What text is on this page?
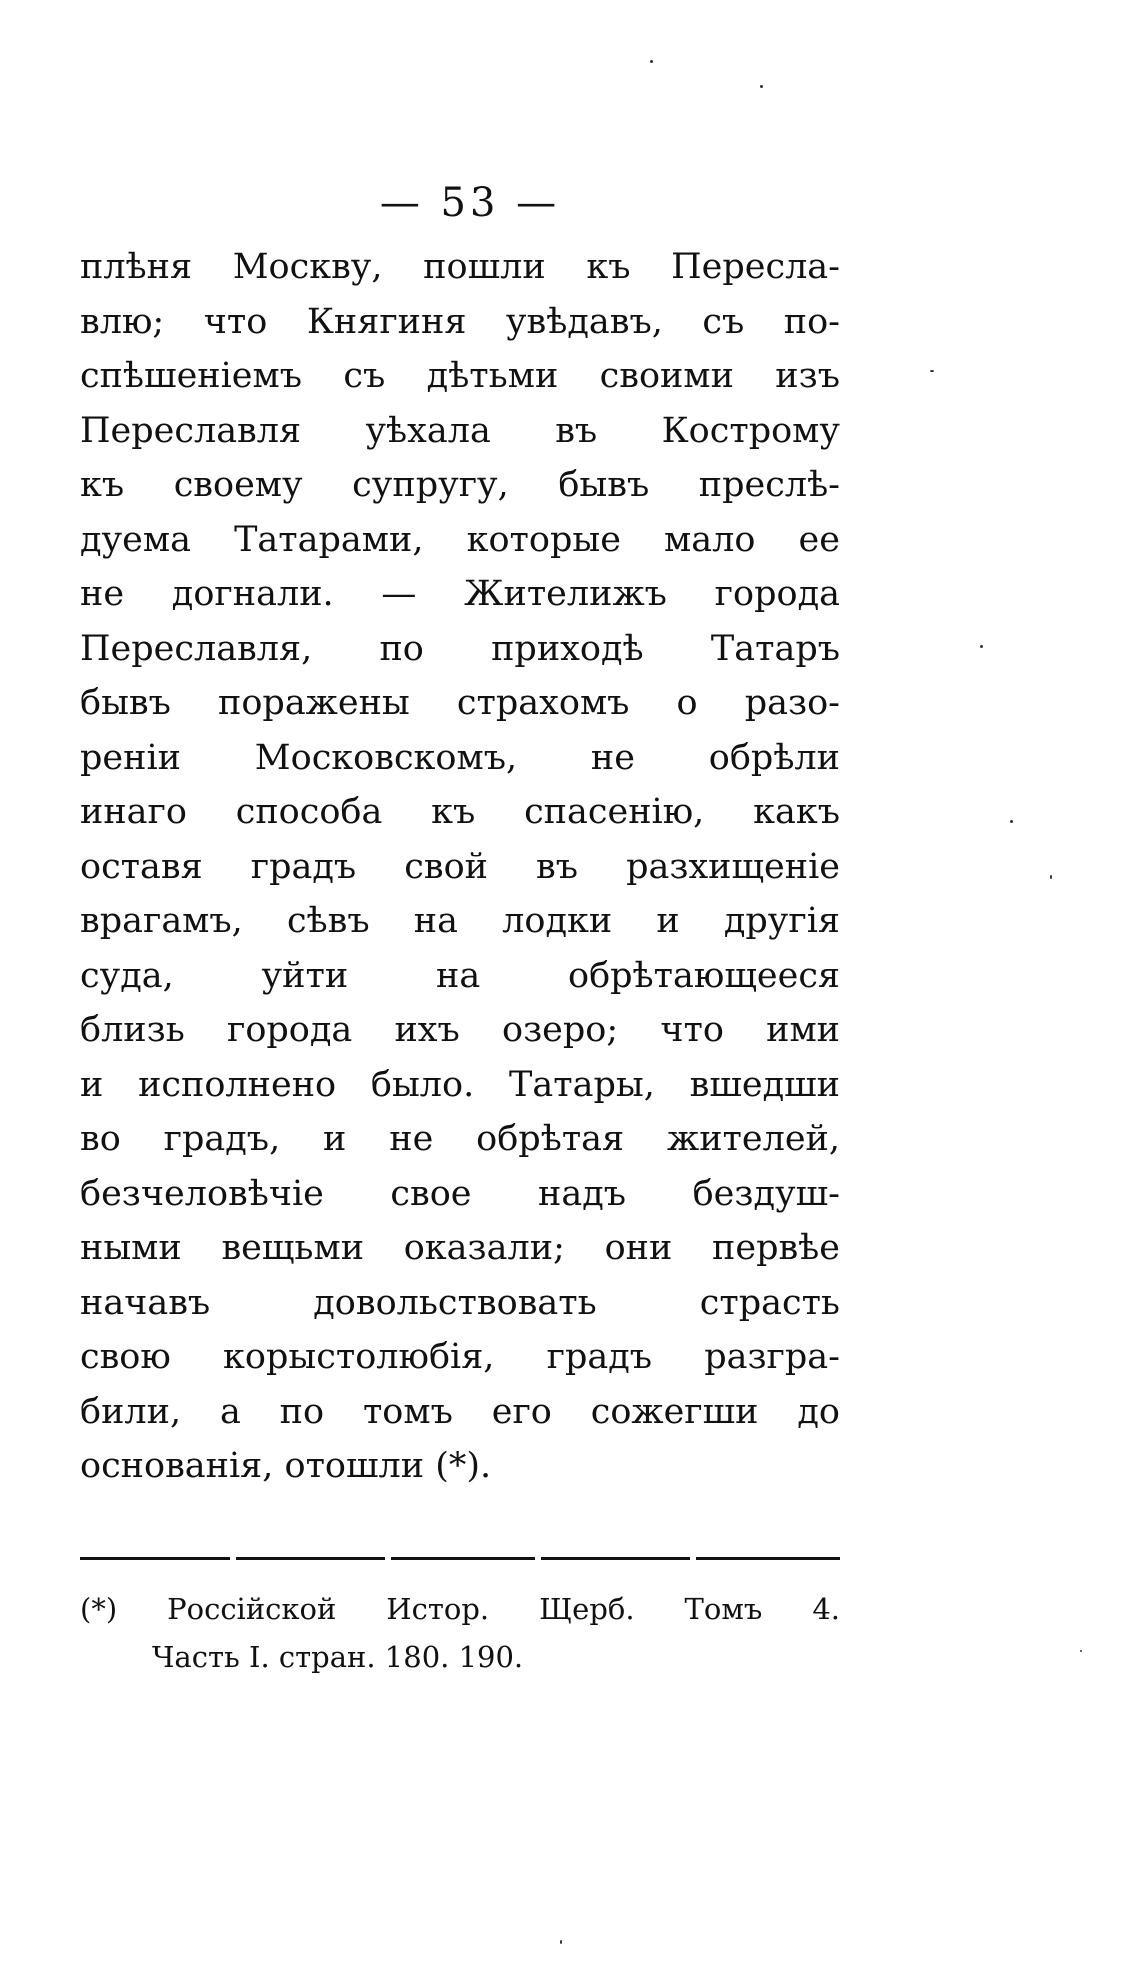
— 53 —
плѣня Москву, пошли къ Пересла-
влю; что Княгиня увѣдавъ, съ по-
спѣшеніемъ съ дѣтьми своими изъ
Переславля уѣхала въ Кострому
къ своему супругу, бывъ преслѣ-
дуема Татарами, которые мало ее
не догнали. — Жителижъ города
Переславля, по приходѣ Татаръ
бывъ поражены страхомъ о разо-
реніи Московскомъ, не обрѣли
инаго способа къ спасенію, какъ
оставя градъ свой въ разхищеніе
врагамъ, сѣвъ на лодки и другія
суда, уйти на обрѣтающееся
близь города ихъ озеро; что ими
и исполнено было. Татары, вшедши
во градъ, и не обрѣтая жителей,
безчеловѣчіе свое надъ бездуш-
ными вещьми оказали; они первѣе
начавъ довольствовать страсть
свою корыстолюбія, градъ разгра-
били, а по томъ его сожегши до
основанія, отошли (*).
(*) Россійской Истор. Щерб. Томъ 4.
Часть I. стран. 180. 190.
